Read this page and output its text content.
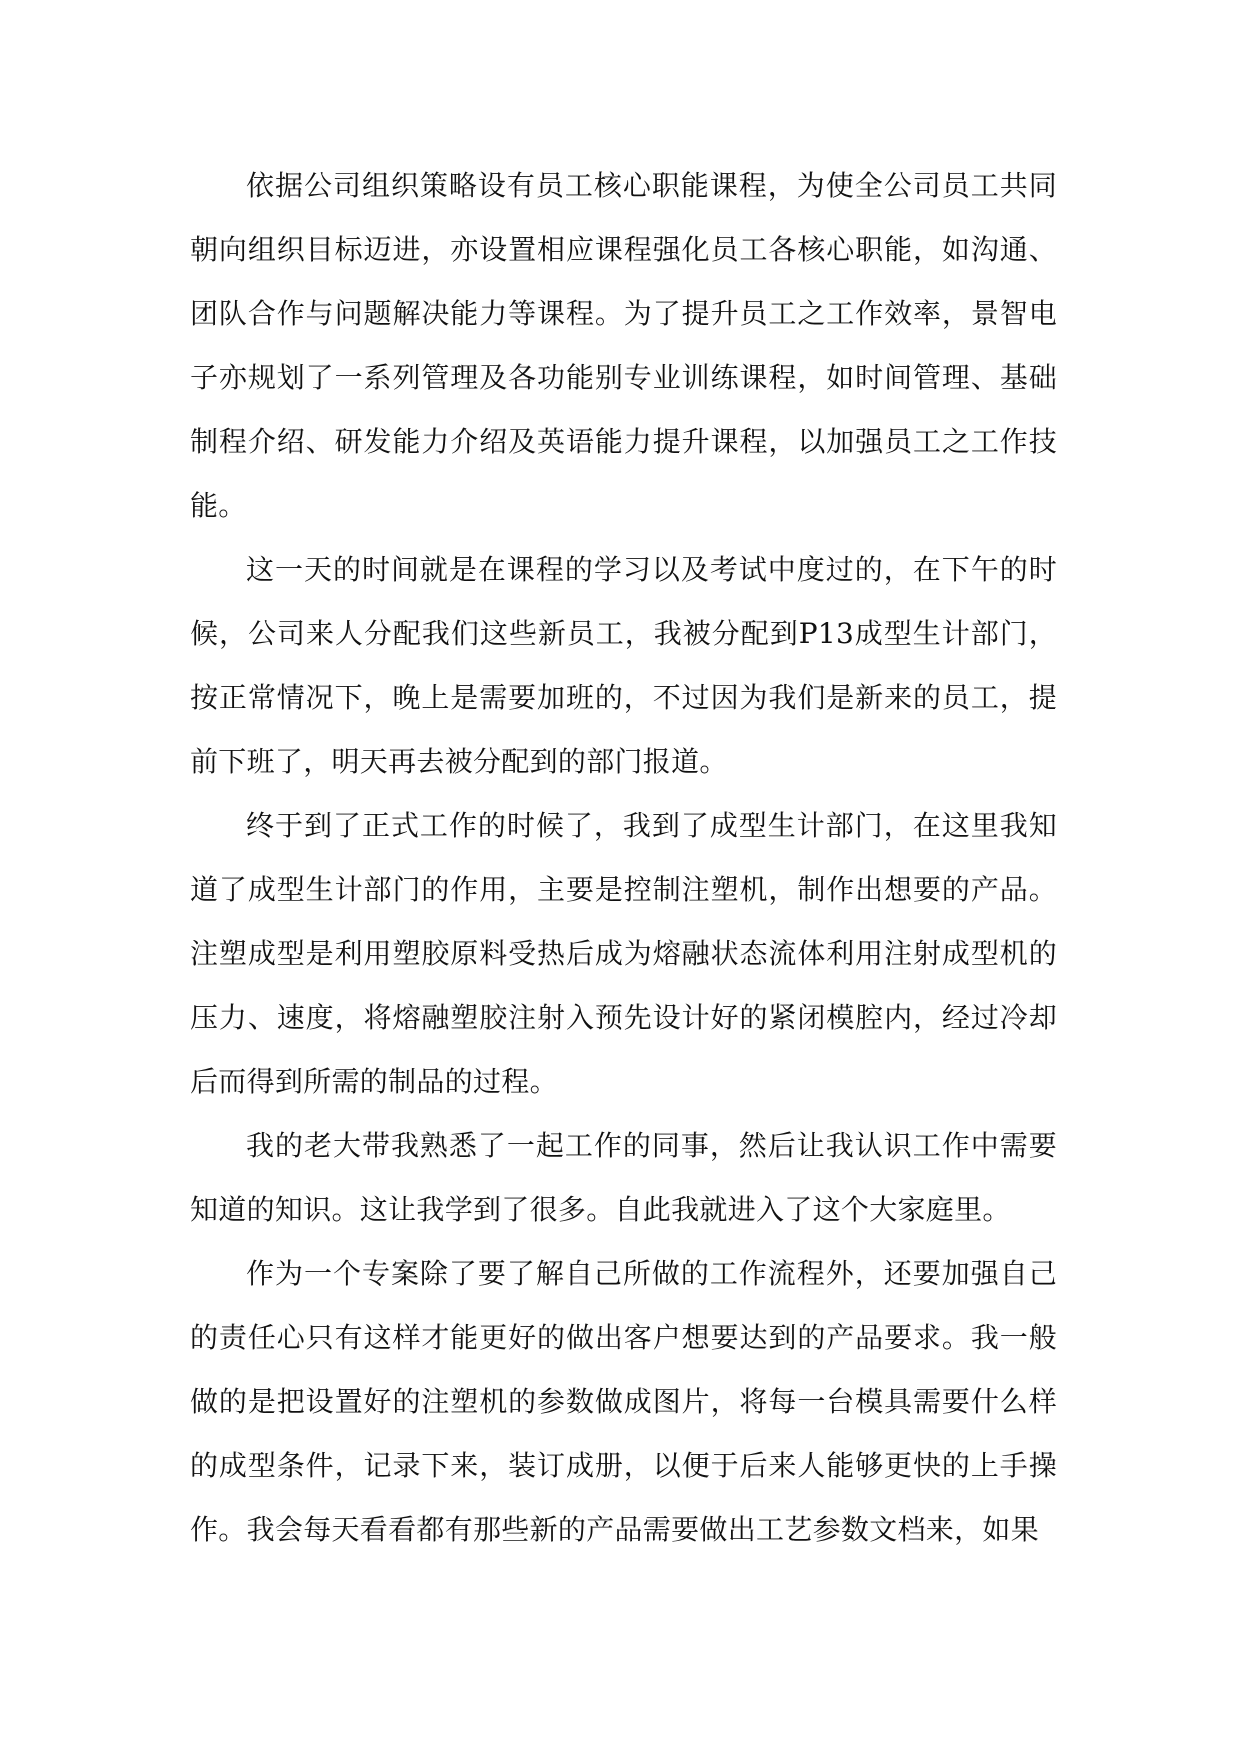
依据公司组织策略设有员工核心职能课程，为使全公司员工共同朝向组织目标迈进，亦设置相应课程强化员工各核心职能，如沟通、团队合作与问题解决能力等课程。为了提升员工之工作效率，景智电子亦规划了一系列管理及各功能别专业训练课程，如时间管理、基础制程介绍、研发能力介绍及英语能力提升课程，以加强员工之工作技能。

这一天的时间就是在课程的学习以及考试中度过的，在下午的时候，公司来人分配我们这些新员工，我被分配到P13成型生计部门，按正常情况下，晚上是需要加班的，不过因为我们是新来的员工，提前下班了，明天再去被分配到的部门报道。

终于到了正式工作的时候了，我到了成型生计部门，在这里我知道了成型生计部门的作用，主要是控制注塑机，制作出想要的产品。注塑成型是利用塑胶原料受热后成为熔融状态流体利用注射成型机的压力、速度，将熔融塑胶注射入预先设计好的紧闭模腔内，经过冷却后而得到所需的制品的过程。

我的老大带我熟悉了一起工作的同事，然后让我认识工作中需要知道的知识。这让我学到了很多。自此我就进入了这个大家庭里。

作为一个专案除了要了解自己所做的工作流程外，还要加强自己的责任心只有这样才能更好的做出客户想要达到的产品要求。我一般做的是把设置好的注塑机的参数做成图片，将每一台模具需要什么样的成型条件，记录下来，装订成册，以便于后来人能够更快的上手操作。我会每天看看都有那些新的产品需要做出工艺参数文档来，如果
